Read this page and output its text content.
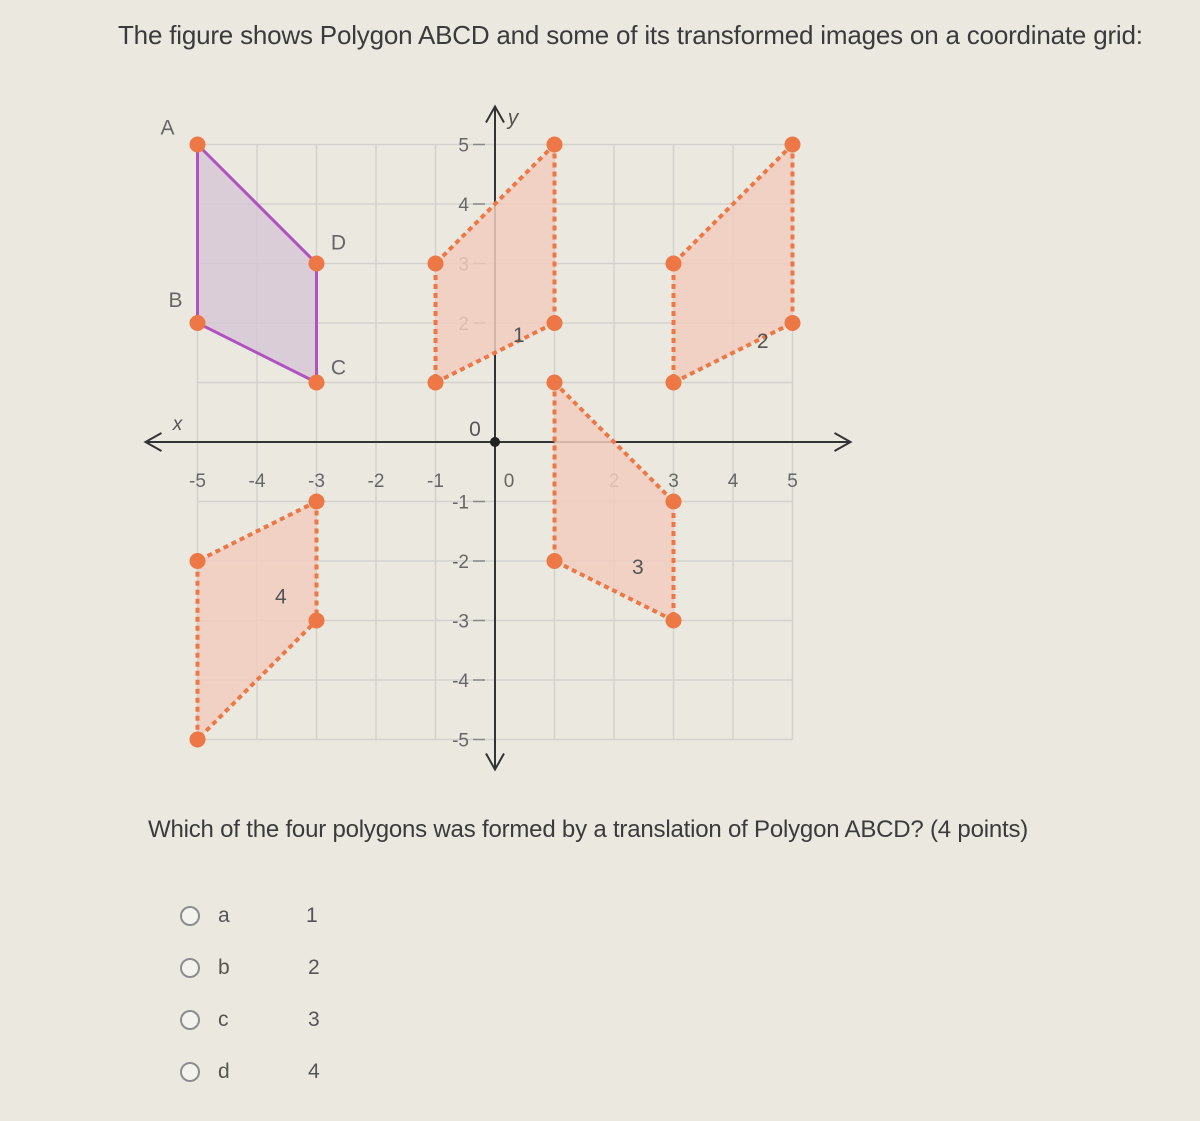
The figure shows Polygon ABCD and some of its transformed images on a coordinate grid:
x
y
-5 -4 -3 -2 -1	0	3	4	5
5
4
-1
-2
-3
-4
-5
0
1	2
3
4
A
D
C
B
Which of the four polygons was formed by a translation of Polygon ABCD? (4 points)
a	1
b	2
c	3
d	4
